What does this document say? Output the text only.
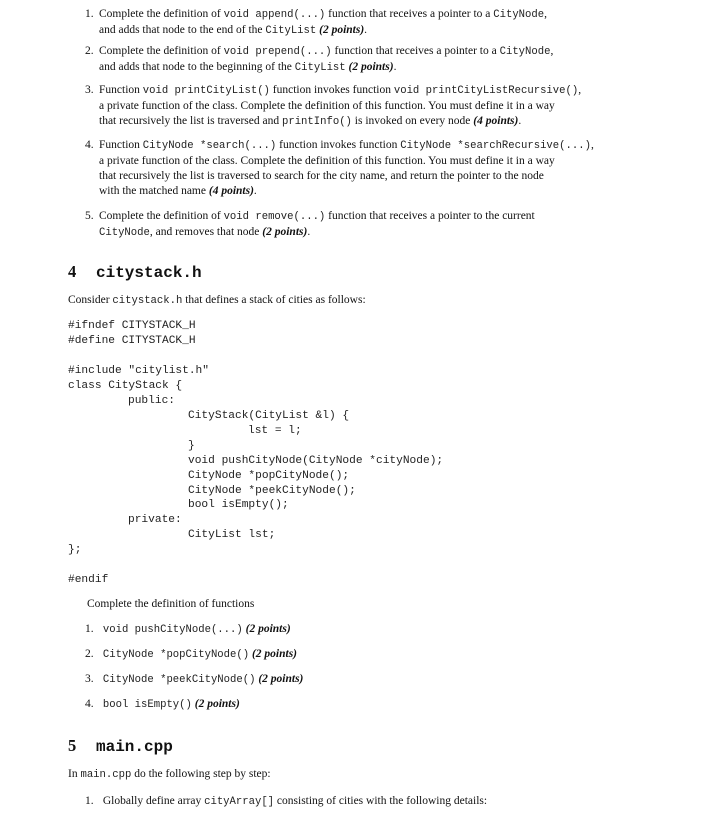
1. Complete the definition of void append(...) function that receives a pointer to a CityNode,
and adds that node to the end of the CityList (2 points).
2. Complete the definition of void prepend(...) function that receives a pointer to a CityNode,
and adds that node to the beginning of the CityList (2 points).
3. Function void printCityList() function invokes function void printCityListRecursive(),
a private function of the class. Complete the definition of this function. You must define it in a way
that recursively the list is traversed and printInfo() is invoked on every node (4 points).
4. Function CityNode *search(...) function invokes function CityNode *searchRecursive(...),
a private function of the class. Complete the definition of this function. You must define it in a way
that recursively the list is traversed to search for the city name, and return the pointer to the node
with the matched name (4 points).
5. Complete the definition of void remove(...) function that receives a pointer to the current
CityNode, and removes that node (2 points).
4 citystack.h
Consider citystack.h that defines a stack of cities as follows:
#ifndef CITYSTACK_H
#define CITYSTACK_H
#include "citylist.h"
class CityStack {
public:
CityStack(CityList &l) {
lst = l;
}
void pushCityNode(CityNode *cityNode);
CityNode *popCityNode();
CityNode *peekCityNode();
bool isEmpty();
private:
CityList lst;
};
#endif
Complete the definition of functions
1. void pushCityNode(...) (2 points)
2. CityNode *popCityNode() (2 points)
3. CityNode *peekCityNode() (2 points)
4. bool isEmpty() (2 points)
5 main.cpp
In main.cpp do the following step by step:
1. Globally define array cityArray[] consisting of cities with the following details:
